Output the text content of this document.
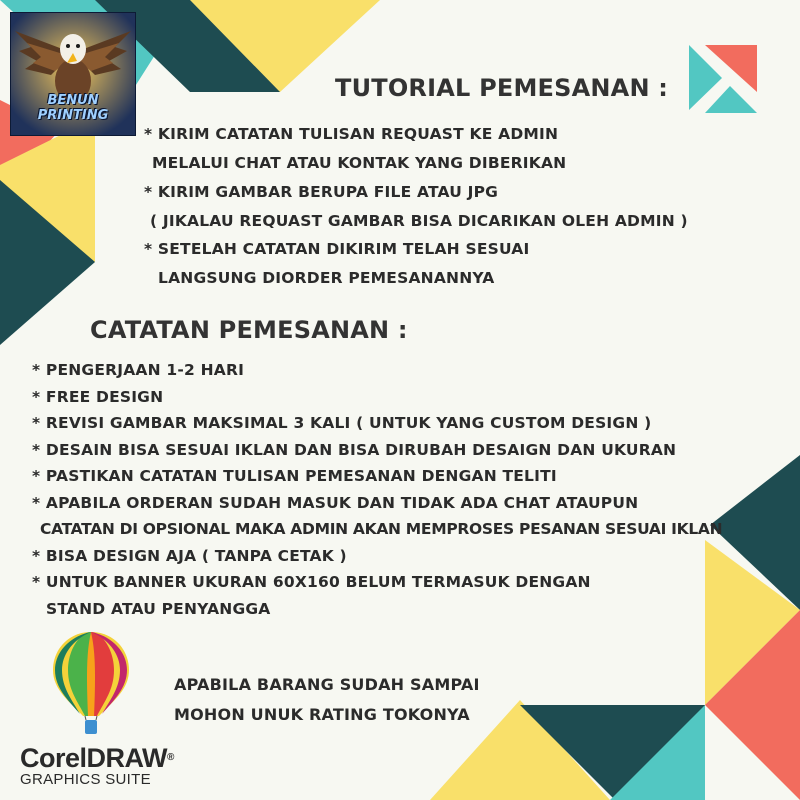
BENUN PRINTING
TUTORIAL PEMESANAN :
* KIRIM CATATAN TULISAN REQUAST KE ADMIN
MELALUI CHAT ATAU KONTAK YANG DIBERIKAN
* KIRIM GAMBAR BERUPA FILE ATAU JPG
( JIKALAU REQUAST GAMBAR BISA DICARIKAN OLEH ADMIN )
* SETELAH CATATAN DIKIRIM TELAH SESUAI
LANGSUNG DIORDER PEMESANANNYA
CATATAN PEMESANAN :
* PENGERJAAN 1-2 HARI
* FREE DESIGN
* REVISI GAMBAR MAKSIMAL 3 KALI ( UNTUK YANG CUSTOM DESIGN )
* DESAIN BISA SESUAI IKLAN DAN BISA DIRUBAH DESAIGN DAN UKURAN
* PASTIKAN CATATAN TULISAN PEMESANAN DENGAN TELITI
* APABILA ORDERAN SUDAH MASUK DAN TIDAK ADA CHAT ATAUPUN
CATATAN DI OPSIONAL MAKA ADMIN AKAN MEMPROSES PESANAN SESUAI IKLAN
* BISA DESIGN AJA ( TANPA CETAK )
* UNTUK BANNER UKURAN 60X160 BELUM TERMASUK DENGAN
STAND ATAU PENYANGGA
APABILA BARANG SUDAH SAMPAI
MOHON UNUK RATING TOKONYA
CorelDRAW®
GRAPHICS SUITE
